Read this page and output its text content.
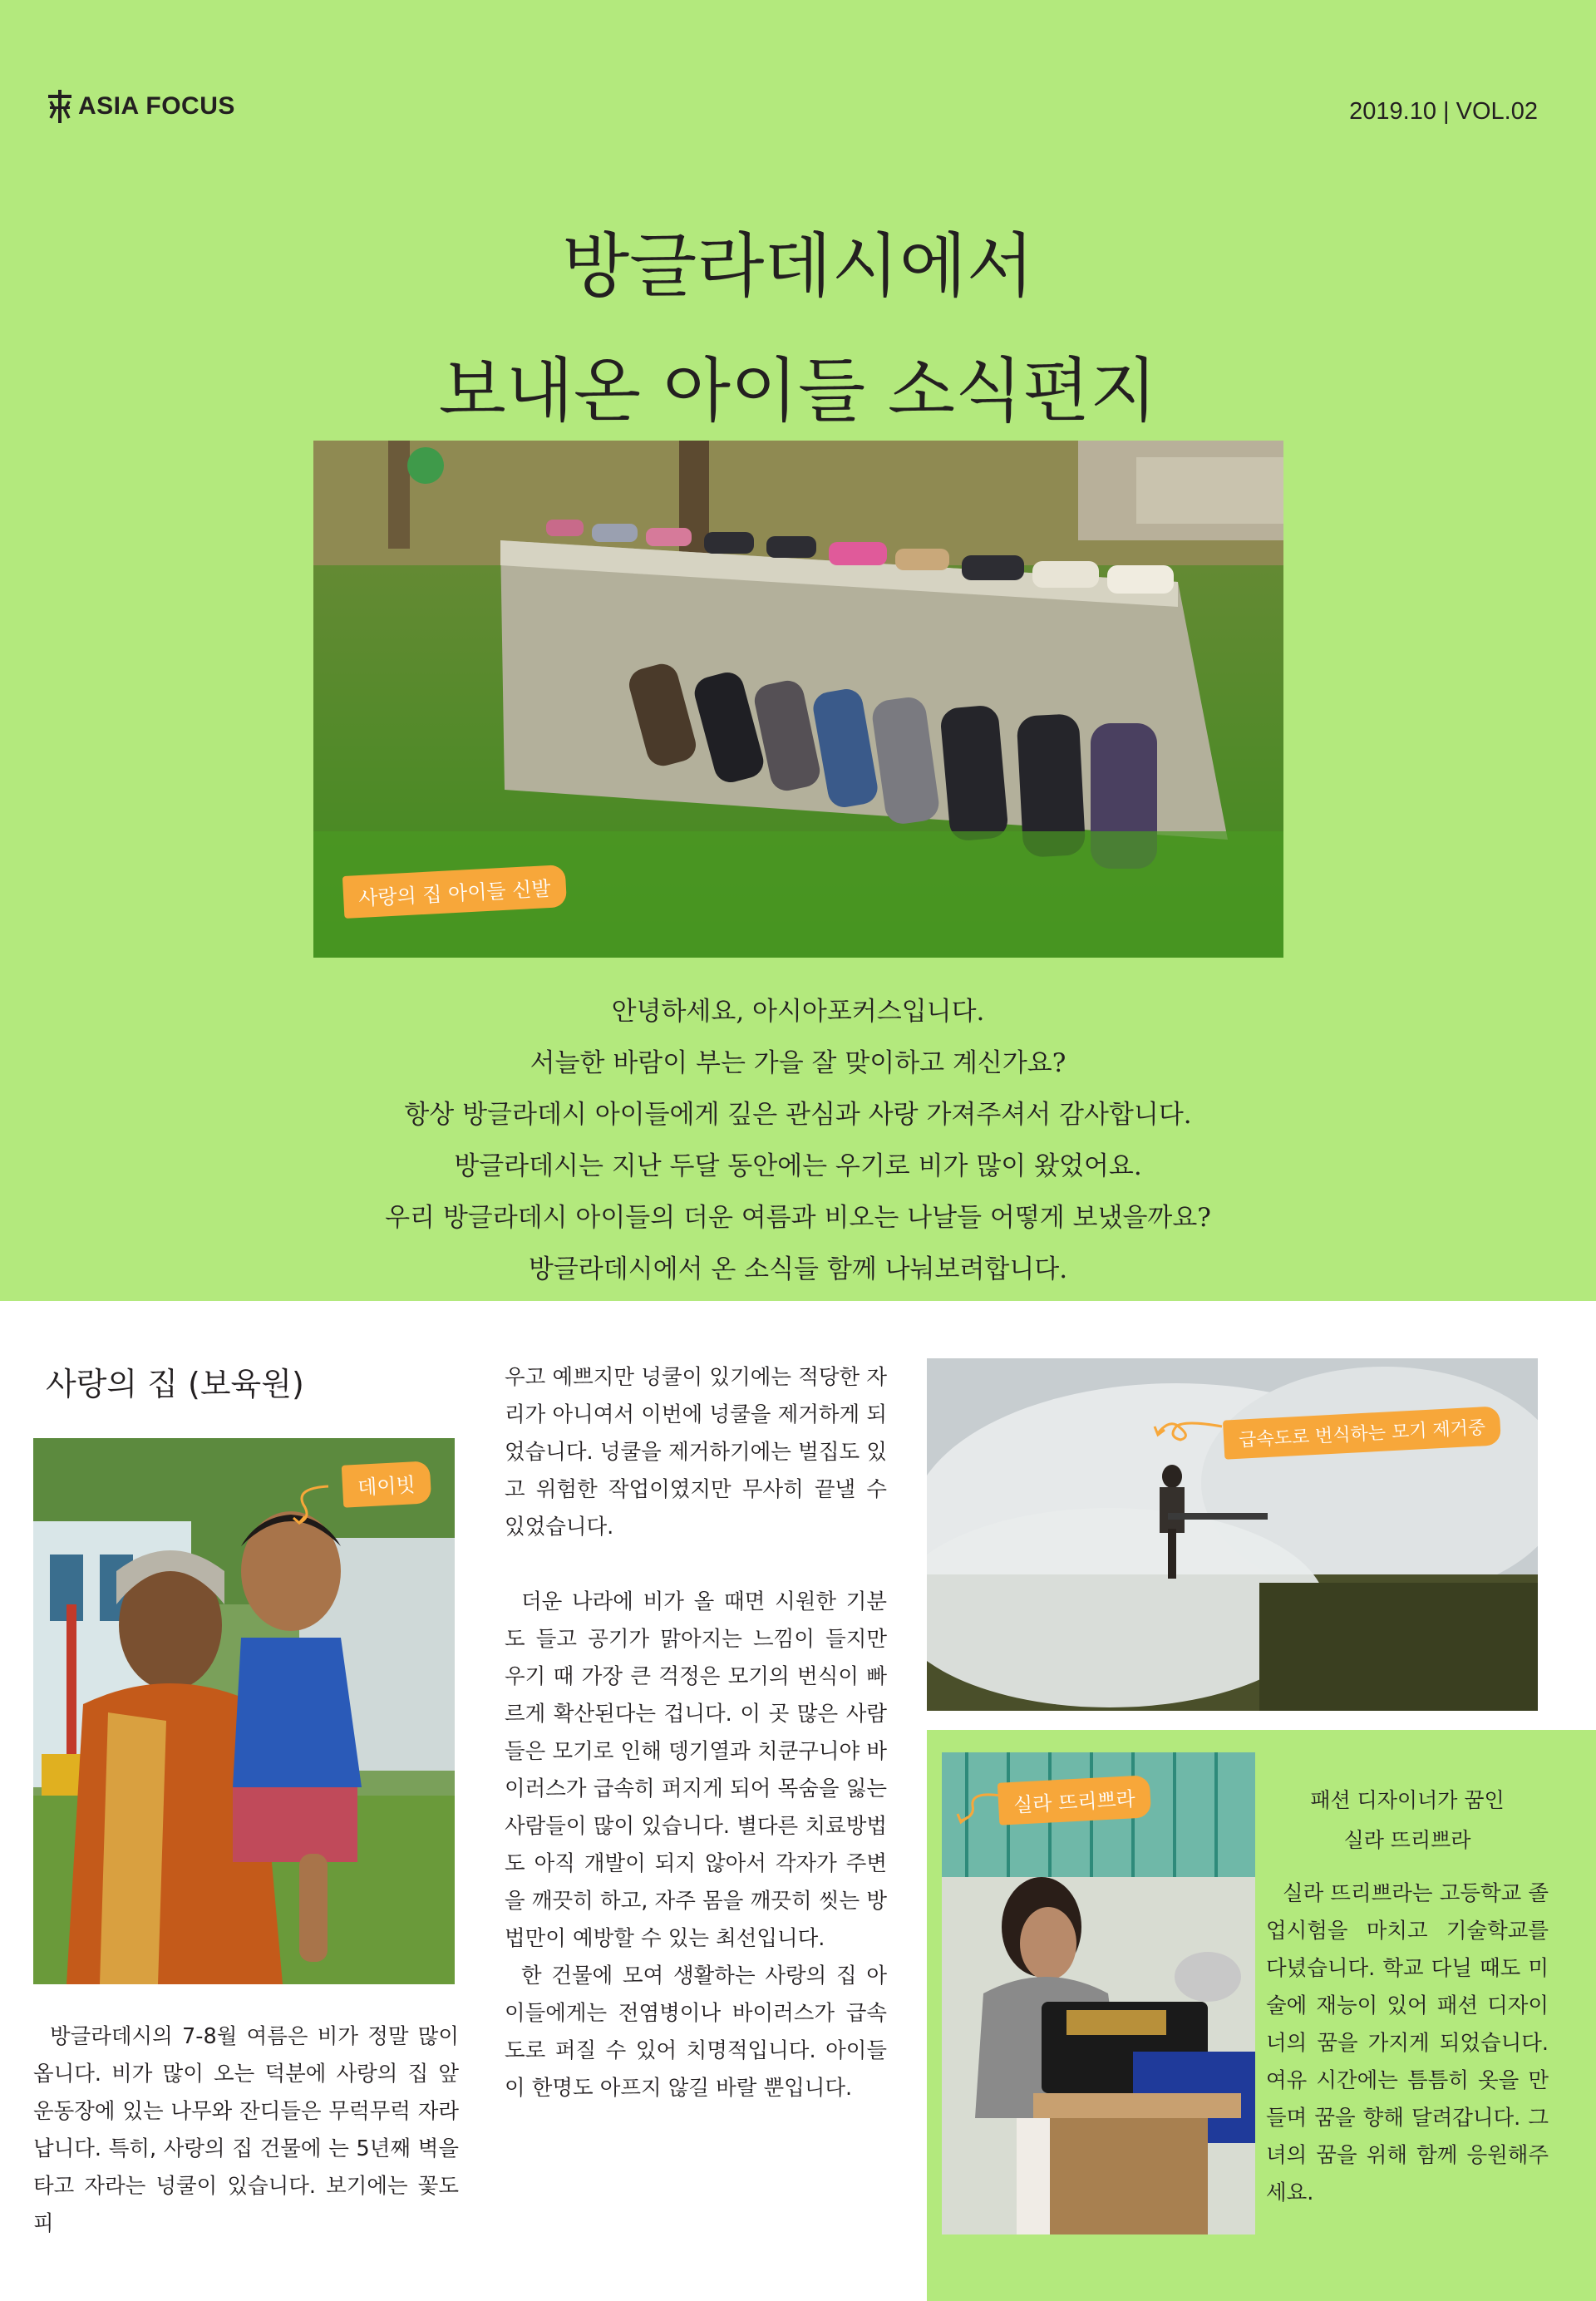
ASIA FOCUS	2019.10 | VOL.02
방글라데시에서
보내온 아이들 소식편지
사랑의 집 아이들 신발
안녕하세요, 아시아포커스입니다.
서늘한 바람이 부는 가을 잘 맞이하고 계신가요?
항상 방글라데시 아이들에게 깊은 관심과 사랑 가져주셔서 감사합니다.
방글라데시는 지난 두달 동안에는 우기로 비가 많이 왔었어요.
우리 방글라데시 아이들의 더운 여름과 비오는 나날들 어떻게 보냈을까요?
방글라데시에서 온 소식들 함께 나눠보려합니다.
사랑의 집 (보육원)
데이빗

방글라데시의 7-8월 여름은 비가 정말 많이 옵니다. 비가 많이 오는 덕분에 사랑의 집 앞 운동장에 있는 나무와 잔디들은 무럭무럭 자라납니다. 특히, 사랑의 집 건물에 는 5년째 벽을 타고 자라는 넝쿨이 있습니다. 보기에는 꽃도 피

우고 예쁘지만 넝쿨이 있기에는 적당한 자리가 아니여서 이번에 넝쿨을 제거하게 되었습니다. 넝쿨을 제거하기에는 벌집도 있고 위험한 작업이였지만 무사히 끝낼 수 있었습니다.

더운 나라에 비가 올 때면 시원한 기분도 들고 공기가 맑아지는 느낌이 들지만 우기 때 가장 큰 걱정은 모기의 번식이 빠르게 확산된다는 겁니다. 이 곳 많은 사람들은 모기로 인해 뎅기열과 치쿤구니야 바이러스가 급속히 퍼지게 되어 목숨을 잃는 사람들이 많이 있습니다. 별다른 치료방법도 아직 개발이 되지 않아서 각자가 주변을 깨끗히 하고, 자주 몸을 깨끗히 씻는 방법만이 예방할 수 있는 최선입니다.

한 건물에 모여 생활하는 사랑의 집 아이들에게는 전염병이나 바이러스가 급속도로 퍼질 수 있어 치명적입니다. 아이들이 한명도 아프지 않길 바랄 뿐입니다.

급속도로 번식하는 모기 제거중
실라 뜨리쁘라	패션 디자이너가 꿈인
실라 뜨리쁘라
실라 뜨리쁘라는 고등학교 졸업시험을 마치고 기술학교를 다녔습니다. 학교 다닐 때도 미술에 재능이 있어 패션 디자이너의 꿈을 가지게 되었습니다. 여유 시간에는 틈틈히 옷을 만들며 꿈을 향해 달려갑니다. 그녀의 꿈을 위해 함께 응원해주세요.
